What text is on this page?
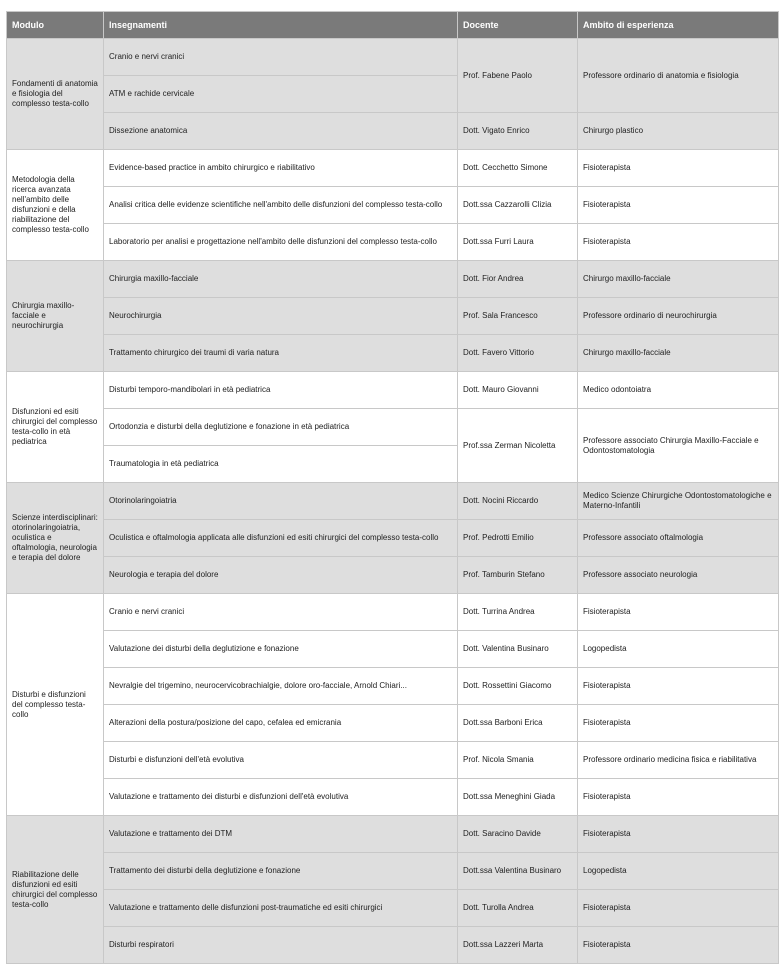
Modulo	Insegnamenti	Docente	Ambito di esperienza
Fondamenti di anatomia e fisiologia del complesso testa-collo	Cranio e nervi cranici	Prof. Fabene Paolo	Professore ordinario di anatomia e fisiologia
	ATM e rachide cervicale		
	Dissezione anatomica	Dott. Vigato Enrico	Chirurgo plastico
Metodologia della ricerca avanzata nell'ambito delle disfunzioni e della riabilitazione del complesso testa-collo	Evidence-based practice in ambito chirurgico e riabilitativo	Dott. Cecchetto Simone	Fisioterapista
	Analisi critica delle evidenze scientifiche nell'ambito delle disfunzioni del complesso testa-collo	Dott.ssa Cazzarolli Clizia	Fisioterapista
	Laboratorio per analisi e progettazione nell'ambito delle disfunzioni del complesso testa-collo	Dott.ssa Furri Laura	Fisioterapista
Chirurgia maxillo-facciale e neurochirurgia	Chirurgia maxillo-facciale	Dott. Fior Andrea	Chirurgo maxillo-facciale
	Neurochirurgia	Prof. Sala Francesco	Professore ordinario di neurochirurgia
	Trattamento chirurgico dei traumi di varia natura	Dott. Favero Vittorio	Chirurgo maxillo-facciale
Disfunzioni ed esiti chirurgici del complesso testa-collo in età pediatrica	Disturbi temporo-mandibolari in età pediatrica	Dott. Mauro Giovanni	Medico odontoiatra
	Ortodonzia e disturbi della deglutizione e fonazione in età pediatrica	Prof.ssa Zerman Nicoletta	Professore associato Chirurgia Maxillo-Facciale e Odontostomatologia
	Traumatologia in età pediatrica		
Scienze interdisciplinari: otorinolaringoiatria, oculistica e oftalmologia, neurologia e terapia del dolore	Otorinolaringoiatria	Dott. Nocini Riccardo	Medico Scienze Chirurgiche Odontostomatologiche e Materno-Infantili
	Oculistica e oftalmologia applicata alle disfunzioni ed esiti chirurgici del complesso testa-collo	Prof. Pedrotti Emilio	Professore associato oftalmologia
	Neurologia e terapia del dolore	Prof. Tamburin Stefano	Professore associato neurologia
Disturbi e disfunzioni del complesso testa-collo	Cranio e nervi cranici	Dott. Turrina Andrea	Fisioterapista
	Valutazione dei disturbi della deglutizione e fonazione	Dott. Valentina Businaro	Logopedista
	Nevralgie del trigemino, neurocervicobrachialgie, dolore oro-facciale, Arnold Chiari...	Dott. Rossettini Giacomo	Fisioterapista
	Alterazioni della postura/posizione del capo, cefalea ed emicrania	Dott.ssa Barboni Erica	Fisioterapista
	Disturbi e disfunzioni dell'età evolutiva	Prof. Nicola Smania	Professore ordinario medicina fisica e riabilitativa
	Valutazione e trattamento dei disturbi e disfunzioni dell'età evolutiva	Dott.ssa Meneghini Giada	Fisioterapista
Riabilitazione delle disfunzioni ed esiti chirurgici del complesso testa-collo	Valutazione e trattamento dei DTM	Dott. Saracino Davide	Fisioterapista
	Trattamento dei disturbi della deglutizione e fonazione	Dott.ssa Valentina Businaro	Logopedista
	Valutazione e trattamento delle disfunzioni post-traumatiche ed esiti chirurgici	Dott. Turolla Andrea	Fisioterapista
	Disturbi respiratori	Dott.ssa Lazzeri Marta	Fisioterapista
